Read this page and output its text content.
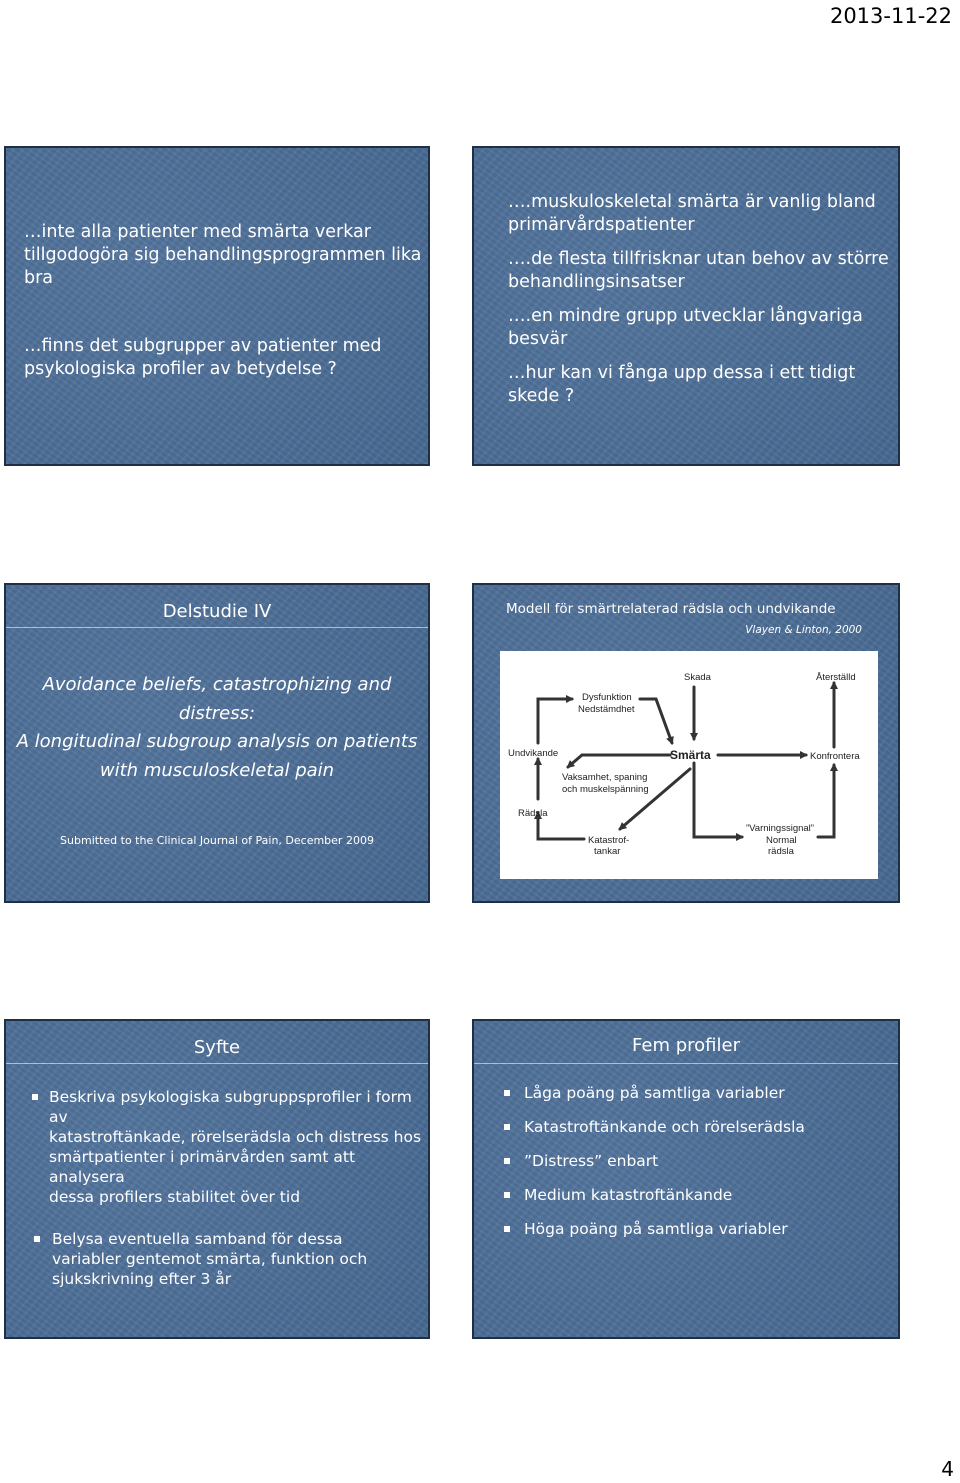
2013-11-22
…inte alla patienter med smärta verkar
tillgodogöra sig behandlingsprogrammen lika
bra
…finns det subgrupper av patienter med
psykologiska profiler av betydelse ?
….muskuloskeletal smärta är vanlig bland
primärvårdspatienter
….de flesta tillfrisknar utan behov av större
behandlingsinsatser
….en mindre grupp utvecklar långvariga
besvär
…hur kan vi fånga upp dessa i ett tidigt
skede ?
Delstudie IV
Avoidance beliefs, catastrophizing and distress:
A longitudinal subgroup analysis on patients
with musculoskeletal pain
Submitted to the Clinical Journal of Pain, December 2009
Modell för smärtrelaterad rädsla och undvikande
Vlayen & Linton, 2000
Skada	Återställd
Dysfunktion
Nedstämdhet
Undvikande	Smärta	Konfrontera
Vaksamhet, spaning
och muskelspänning
Rädsla
Katastrof-
tankar
”Varningssignal”
Normal
rädsla
Syfte
Beskriva psykologiska subgruppsprofiler i form av
katastroftänkade, rörelserädsla och distress hos
smärtpatienter i primärvården samt att analysera
dessa profilers stabilitet över tid
Belysa eventuella samband för dessa
variabler gentemot smärta, funktion och
sjukskrivning efter 3 år
Fem profiler
Låga poäng på samtliga variabler
Katastroftänkande och rörelserädsla
”Distress” enbart
Medium katastroftänkande
Höga poäng på samtliga variabler
4
